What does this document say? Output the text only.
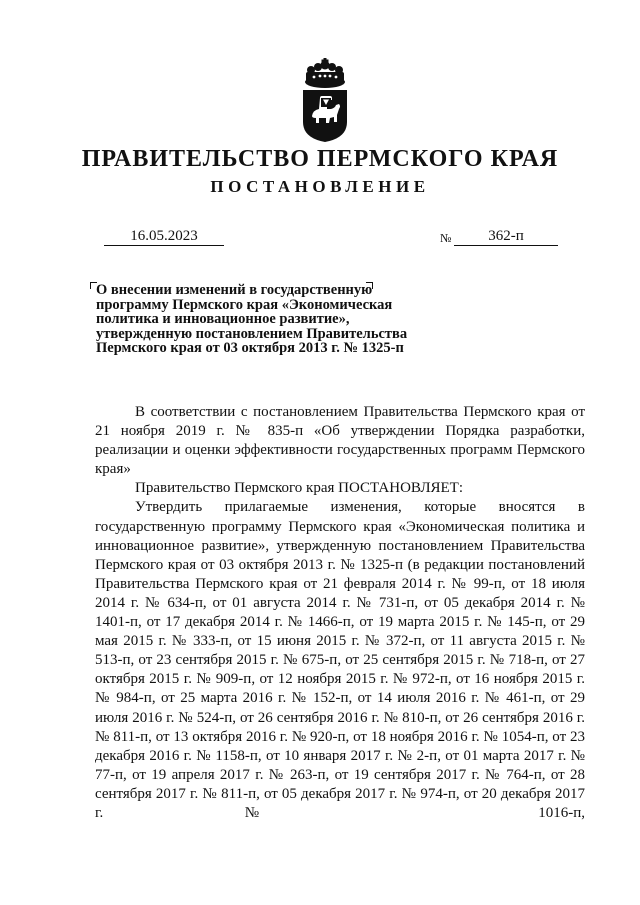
ПРАВИТЕЛЬСТВО ПЕРМСКОГО КРАЯ
ПОСТАНОВЛЕНИЕ
16.05.2023	№	362-п
О внесении изменений в государственную
программу Пермского края «Экономическая
политика и инновационное развитие»,
утвержденную постановлением Правительства
Пермского края от 03 октября 2013 г. № 1325-п

В соответствии с постановлением Правительства Пермского края от 21 ноября 2019 г. № 835-п «Об утверждении Порядка разработки, реализации и оценки эффективности государственных программ Пермского края»

Правительство Пермского края ПОСТАНОВЛЯЕТ:

Утвердить прилагаемые изменения, которые вносятся в государственную программу Пермского края «Экономическая политика и инновационное развитие», утвержденную постановлением Правительства Пермского края от 03 октября 2013 г. № 1325-п (в редакции постановлений Правительства Пермского края от 21 февраля 2014 г. № 99-п, от 18 июля 2014 г. № 634-п, от 01 августа 2014 г. № 731-п, от 05 декабря 2014 г. № 1401-п, от 17 декабря 2014 г. № 1466-п, от 19 марта 2015 г. № 145-п, от 29 мая 2015 г. № 333-п, от 15 июня 2015 г. № 372-п, от 11 августа 2015 г. № 513-п, от 23 сентября 2015 г. № 675-п, от 25 сентября 2015 г. № 718-п, от 27 октября 2015 г. № 909-п, от 12 ноября 2015 г. № 972-п, от 16 ноября 2015 г. № 984-п, от 25 марта 2016 г. № 152-п, от 14 июля 2016 г. № 461-п, от 29 июля 2016 г. № 524-п, от 26 сентября 2016 г. № 810-п, от 26 сентября 2016 г. № 811-п, от 13 октября 2016 г. № 920-п, от 18 ноября 2016 г. № 1054-п, от 23 декабря 2016 г. № 1158-п, от 10 января 2017 г. № 2-п, от 01 марта 2017 г. № 77-п, от 19 апреля 2017 г. № 263-п, от 19 сентября 2017 г. № 764-п, от 28 сентября 2017 г. № 811-п, от 05 декабря 2017 г. № 974-п, от 20 декабря 2017 г. № 1016-п,
